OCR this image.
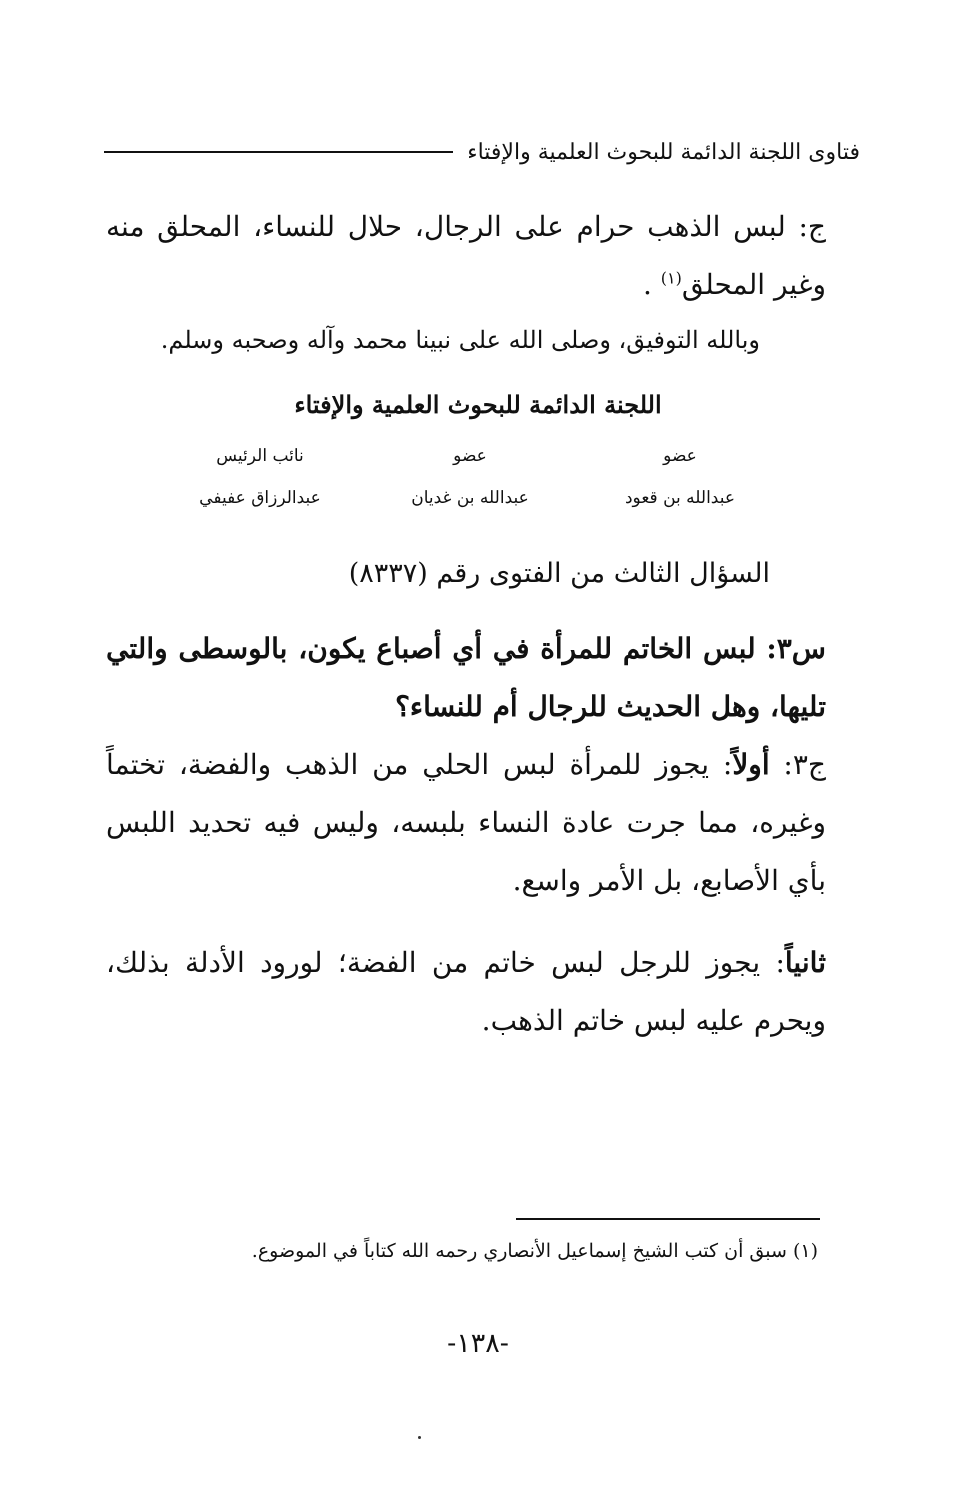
فتاوى اللجنة الدائمة للبحوث العلمية والإفتاء
ج: لبس الذهب حرام على الرجال، حلال للنساء، المحلق منه وغير المحلق$^{(١)}$ .
وبالله التوفيق، وصلى الله على نبينا محمد وآله وصحبه وسلم.
اللجنة الدائمة للبحوث العلمية والإفتاء
عضو
عضو
نائب الرئيس
عبدالله بن قعود
عبدالله بن غديان
عبدالرزاق عفيفي
السؤال الثالث من الفتوى رقم (٨٣٣٧)
س٣: لبس الخاتم للمرأة في أي أصباع يكون، بالوسطى والتي تليها، وهل الحديث للرجال أم للنساء؟
ج٣: أولاً: يجوز للمرأة لبس الحلي من الذهب والفضة، تختماً وغيره، مما جرت عادة النساء بلبسه، وليس فيه تحديد اللبس بأي الأصابع، بل الأمر واسع.
ثانياً: يجوز للرجل لبس خاتم من الفضة؛ لورود الأدلة بذلك، ويحرم عليه لبس خاتم الذهب.
(١) سبق أن كتب الشيخ إسماعيل الأنصاري رحمه الله كتاباً في الموضوع.
-١٣٨-
